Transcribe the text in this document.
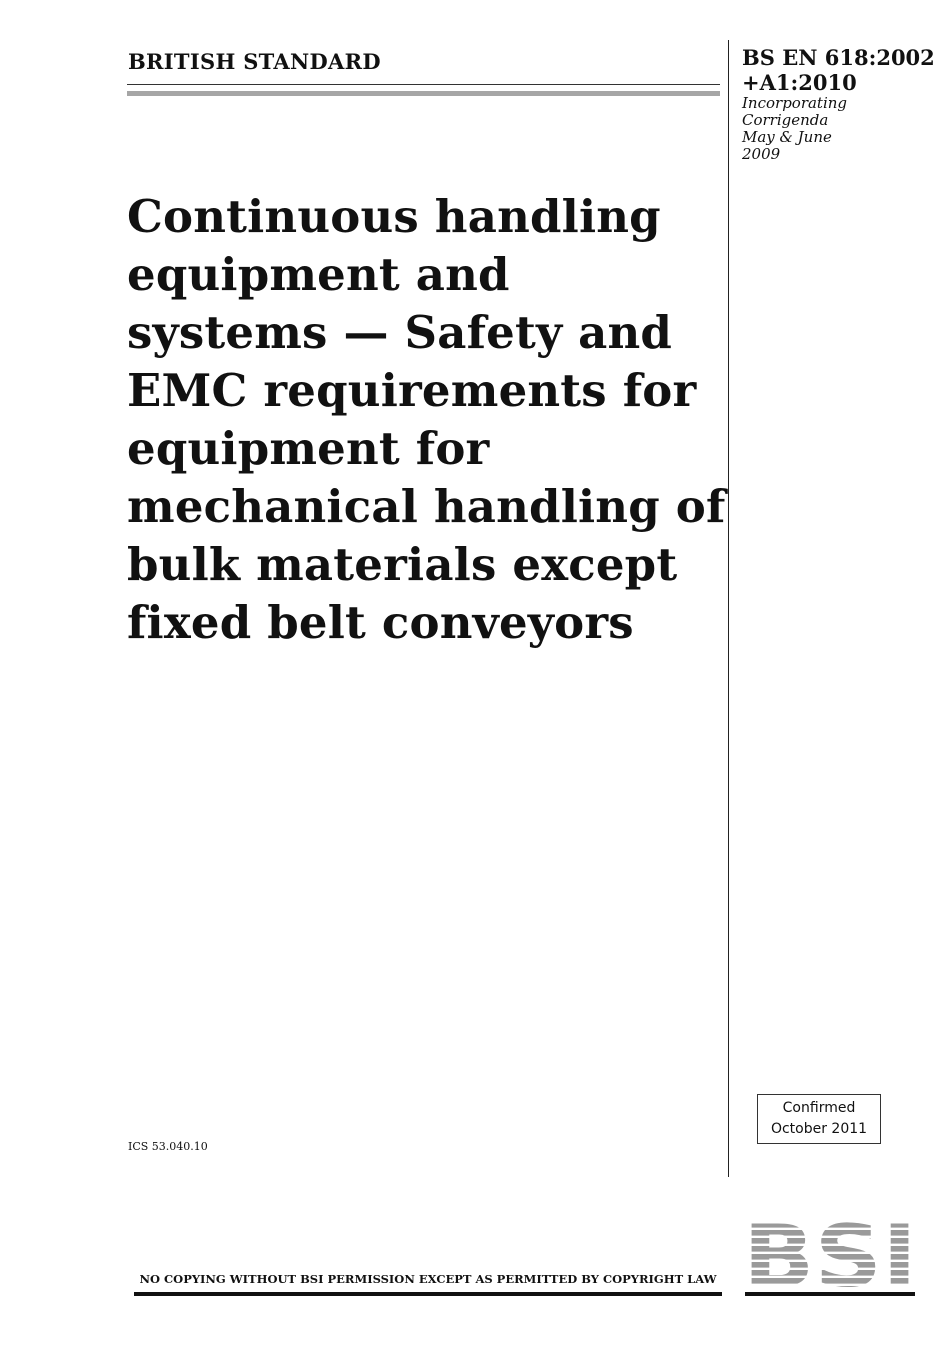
BRITISH STANDARD	BS EN 618:2002
+A1:2010

Incorporating
Corrigenda
May & June
2009

Continuous handling
equipment and
systems — Safety and
EMC requirements for
equipment for
mechanical handling of
bulk materials except
fixed belt conveyors

ICS 53.040.10

Confirmed
October 2011

NO COPYING WITHOUT BSI PERMISSION EXCEPT AS PERMITTED BY COPYRIGHT LAW
